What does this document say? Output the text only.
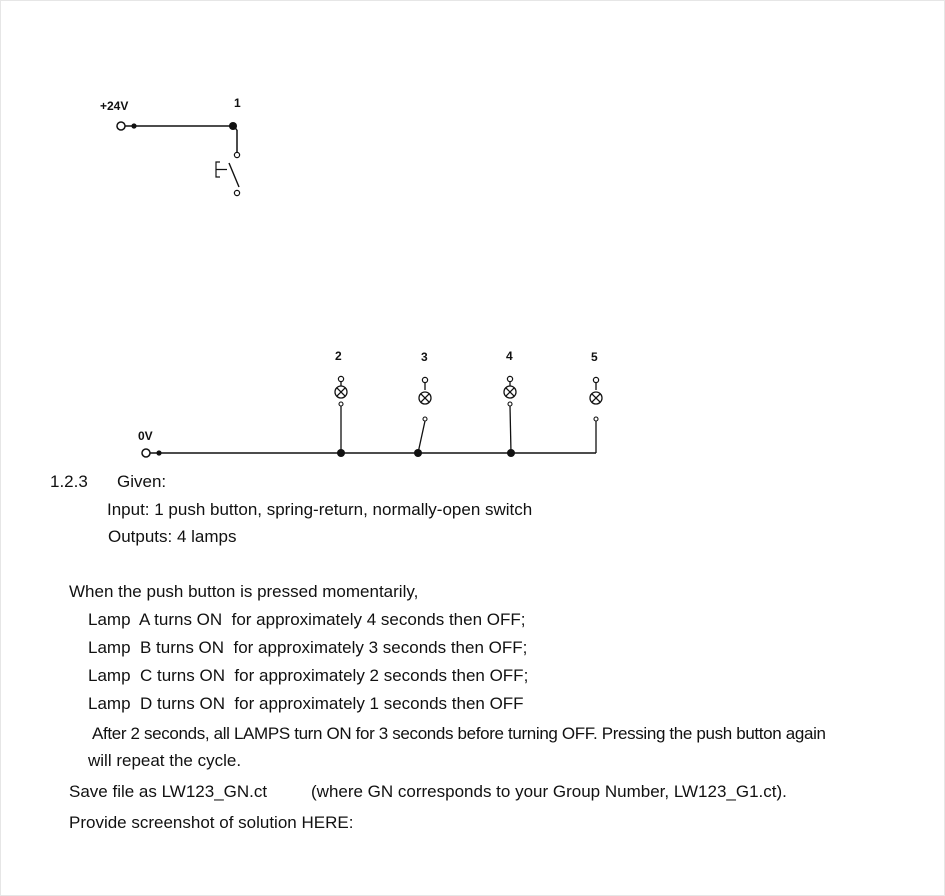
+24V	1
0V
2	3	4	5
1.2.3 Given:
Input: 1 push button, spring-return, normally-open switch
Outputs: 4 lamps
When the push button is pressed momentarily,
Lamp  A turns ON  for approximately 4 seconds then OFF;
Lamp  B turns ON  for approximately 3 seconds then OFF;
Lamp  C turns ON  for approximately 2 seconds then OFF;
Lamp  D turns ON  for approximately 1 seconds then OFF
After 2 seconds, all LAMPS turn ON for 3 seconds before turning OFF. Pressing the push button again
will repeat the cycle.
Save file as LW123_GN.ct	(where GN corresponds to your Group Number, LW123_G1.ct).
Provide screenshot of solution HERE:
